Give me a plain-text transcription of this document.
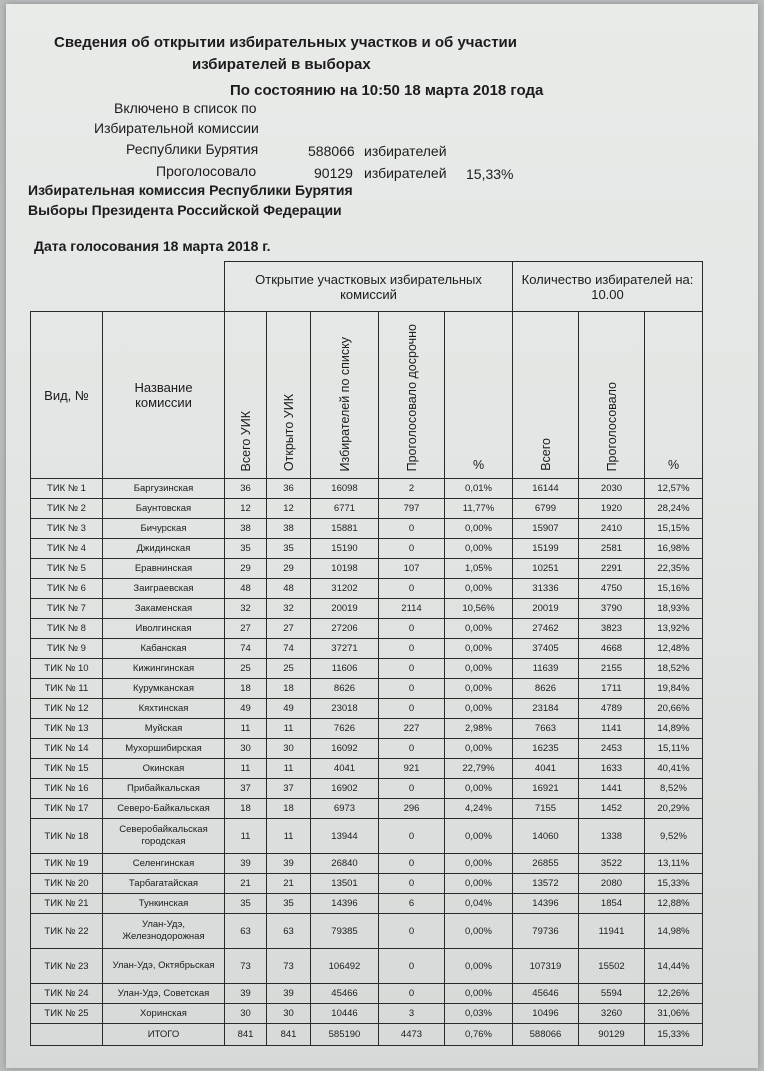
Сведения об открытии избирательных участков и об участии
избирателей в выборах
По состоянию на 10:50 18 марта 2018 года
Включено в список по
Избирательной комиссии
Республики Бурятия	588066 избирателей
Проголосовало	90129 избирателей 15,33%
Избирательная комиссия Республики Бурятия
Выборы Президента Российской Федерации
Дата голосования 18 марта 2018 г.
		Открытие участковых избирательных комиссий					Количество избирателей на: 10.00		
Вид, №	Название комиссии	Всего УИК	Открыто УИК	Избирателей по списку	Проголосовало досрочно	%	Всего	Проголосовало	%
ТИК № 1	Баргузинская	36	36	16098	2	0,01%	16144	2030	12,57%
ТИК № 2	Баунтовская	12	12	6771	797	11,77%	6799	1920	28,24%
ТИК № 3	Бичурская	38	38	15881	0	0,00%	15907	2410	15,15%
ТИК № 4	Джидинская	35	35	15190	0	0,00%	15199	2581	16,98%
ТИК № 5	Еравнинская	29	29	10198	107	1,05%	10251	2291	22,35%
ТИК № 6	Заиграевская	48	48	31202	0	0,00%	31336	4750	15,16%
ТИК № 7	Закаменская	32	32	20019	2114	10,56%	20019	3790	18,93%
ТИК № 8	Иволгинская	27	27	27206	0	0,00%	27462	3823	13,92%
ТИК № 9	Кабанская	74	74	37271	0	0,00%	37405	4668	12,48%
ТИК № 10	Кижингинская	25	25	11606	0	0,00%	11639	2155	18,52%
ТИК № 11	Курумканская	18	18	8626	0	0,00%	8626	1711	19,84%
ТИК № 12	Кяхтинская	49	49	23018	0	0,00%	23184	4789	20,66%
ТИК № 13	Муйская	11	11	7626	227	2,98%	7663	1141	14,89%
ТИК № 14	Мухоршибирская	30	30	16092	0	0,00%	16235	2453	15,11%
ТИК № 15	Окинская	11	11	4041	921	22,79%	4041	1633	40,41%
ТИК № 16	Прибайкальская	37	37	16902	0	0,00%	16921	1441	8,52%
ТИК № 17	Северо-Байкальская	18	18	6973	296	4,24%	7155	1452	20,29%
ТИК № 18	Северобайкальская городская	11	11	13944	0	0,00%	14060	1338	9,52%
ТИК № 19	Селенгинская	39	39	26840	0	0,00%	26855	3522	13,11%
ТИК № 20	Тарбагатайская	21	21	13501	0	0,00%	13572	2080	15,33%
ТИК № 21	Тункинская	35	35	14396	6	0,04%	14396	1854	12,88%
ТИК № 22	Улан-Удэ, Железнодорожная	63	63	79385	0	0,00%	79736	11941	14,98%
ТИК № 23	Улан-Удэ, Октябрьская	73	73	106492	0	0,00%	107319	15502	14,44%
ТИК № 24	Улан-Удэ, Советская	39	39	45466	0	0,00%	45646	5594	12,26%
ТИК № 25	Хоринская	30	30	10446	3	0,03%	10496	3260	31,06%
	ИТОГО	841	841	585190	4473	0,76%	588066	90129	15,33%
